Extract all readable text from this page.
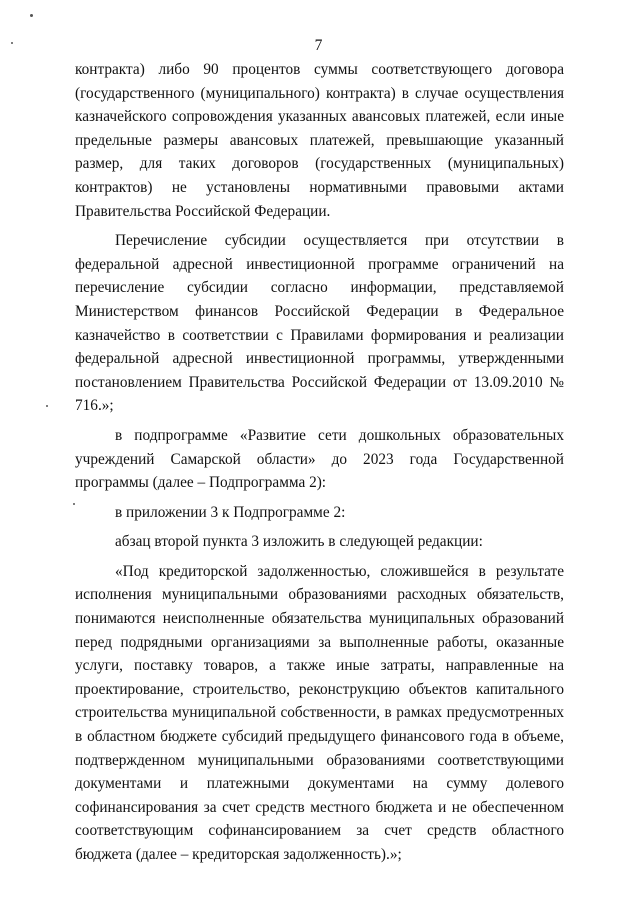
7

контракта) либо 90 процентов суммы соответствующего договора (государственного (муниципального) контракта) в случае осуществления казначейского сопровождения указанных авансовых платежей, если иные предельные размеры авансовых платежей, превышающие указанный размер, для таких договоров (государственных (муниципальных) контрактов) не установлены нормативными правовыми актами Правительства Российской Федерации.

Перечисление субсидии осуществляется при отсутствии в федеральной адресной инвестиционной программе ограничений на перечисление субсидии согласно информации, представляемой Министерством финансов Российской Федерации в Федеральное казначейство в соответствии с Правилами формирования и реализации федеральной адресной инвестиционной программы, утвержденными постановлением Правительства Российской Федерации от 13.09.2010 № 716.»;

в подпрограмме «Развитие сети дошкольных образовательных учреждений Самарской области» до 2023 года Государственной программы (далее – Подпрограмма 2):

в приложении 3 к Подпрограмме 2:

абзац второй пункта 3 изложить в следующей редакции:

«Под кредиторской задолженностью, сложившейся в результате исполнения муниципальными образованиями расходных обязательств, понимаются неисполненные обязательства муниципальных образований перед подрядными организациями за выполненные работы, оказанные услуги, поставку товаров, а также иные затраты, направленные на проектирование, строительство, реконструкцию объектов капитального строительства муниципальной собственности, в рамках предусмотренных в областном бюджете субсидий предыдущего финансового года в объеме, подтвержденном муниципальными образованиями соответствующими документами и платежными документами на сумму долевого софинансирования за счет средств местного бюджета и не обеспеченном соответствующим софинансированием за счет средств областного бюджета (далее – кредиторская задолженность).»;
